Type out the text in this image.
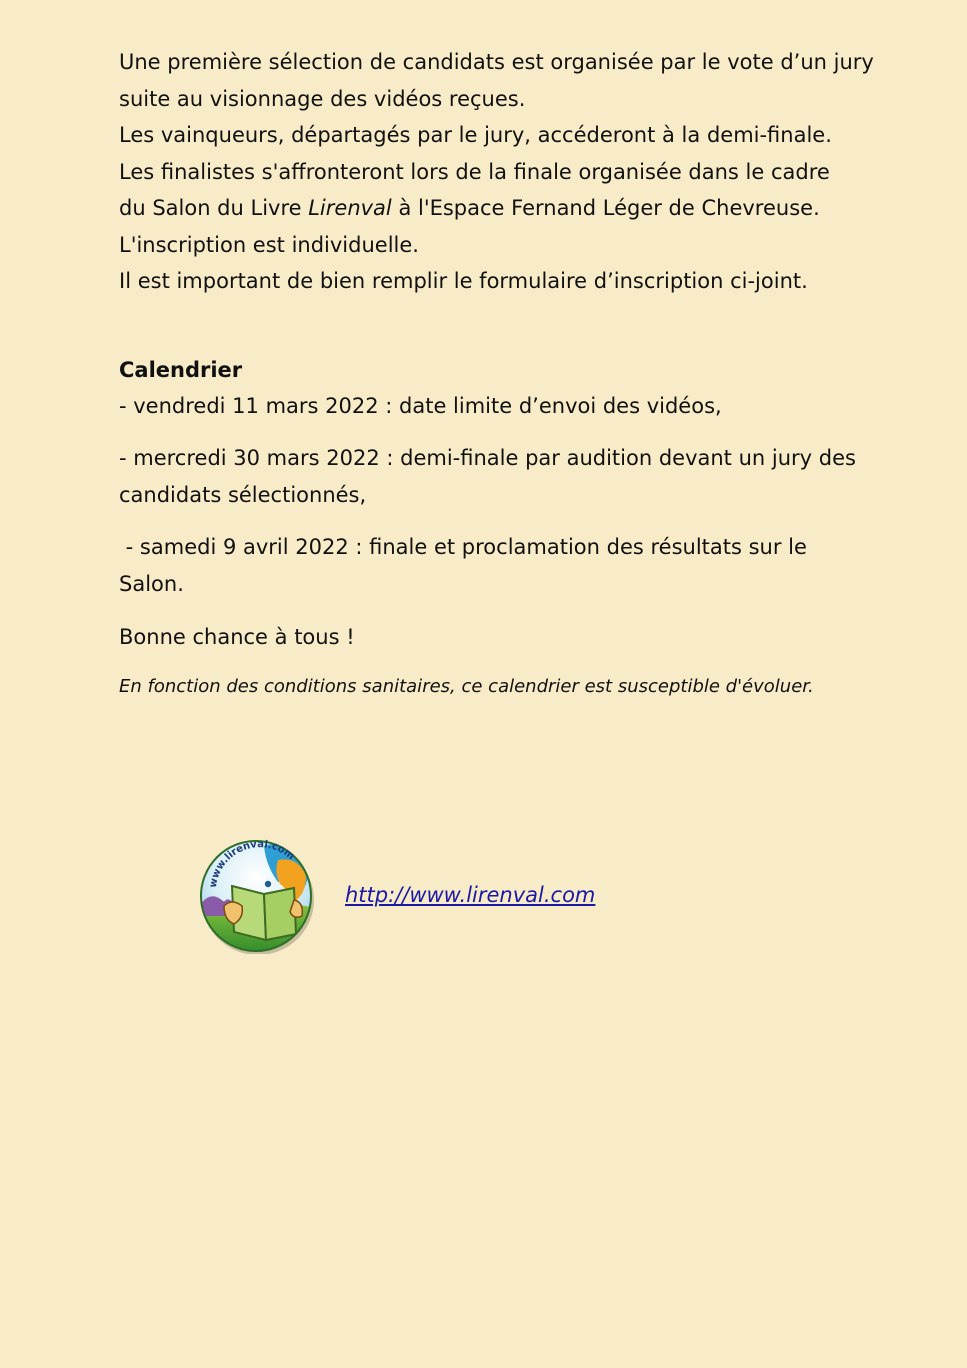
Une première sélection de candidats est organisée par le vote d’un jury
suite au visionnage des vidéos reçues.
Les vainqueurs, départagés par le jury, accéderont à la demi-finale.
Les finalistes s'affronteront lors de la finale organisée dans le cadre
du Salon du Livre Lirenval à l'Espace Fernand Léger de Chevreuse.
L'inscription est individuelle.
Il est important de bien remplir le formulaire d’inscription ci-joint.
Calendrier
- vendredi 11 mars 2022 : date limite d’envoi des vidéos,
- mercredi 30 mars 2022 : demi-finale par audition devant un jury des
candidats sélectionnés,
- samedi 9 avril 2022 : finale et proclamation des résultats sur le
Salon.
Bonne chance à tous !
En fonction des conditions sanitaires, ce calendrier est susceptible d'évoluer.
www.lirenval.com
http://www.lirenval.com
